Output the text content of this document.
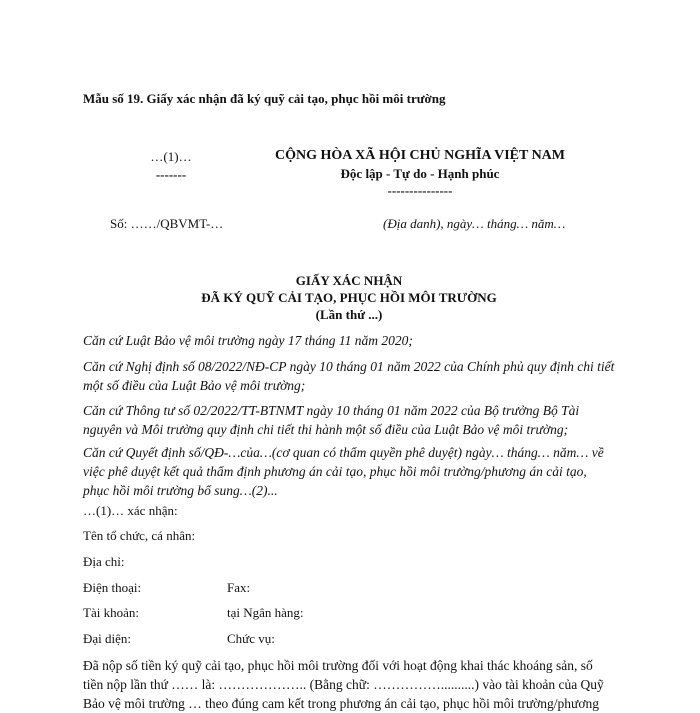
Mẫu số 19. Giấy xác nhận đã ký quỹ cải tạo, phục hồi môi trường
…(1)…
-------
CỘNG HÒA XÃ HỘI CHỦ NGHĨA VIỆT NAM
Độc lập - Tự do - Hạnh phúc
---------------
Số: ……/QBVMT-…	(Địa danh), ngày… tháng… năm…
GIẤY XÁC NHẬN
ĐÃ KÝ QUỸ CẢI TẠO, PHỤC HỒI MÔI TRƯỜNG
(Lần thứ ...)
Căn cứ Luật Bảo vệ môi trường ngày 17 tháng 11 năm 2020;
Căn cứ Nghị định số 08/2022/NĐ-CP ngày 10 tháng 01 năm 2022 của Chính phủ quy định chi tiết một số điều của Luật Bảo vệ môi trường;
Căn cứ Thông tư số 02/2022/TT-BTNMT ngày 10 tháng 01 năm 2022 của Bộ trưởng Bộ Tài nguyên và Môi trường quy định chi tiết thi hành một số điều của Luật Bảo vệ môi trường;
Căn cứ Quyết định số/QĐ-…của…(cơ quan có thẩm quyền phê duyệt) ngày… tháng… năm… về việc phê duyệt kết quả thẩm định phương án cải tạo, phục hồi môi trường/phương án cải tạo, phục hồi môi trường bổ sung…(2)...
…(1)… xác nhận:
Tên tổ chức, cá nhân:
Địa chỉ:
Điện thoại:	Fax:
Tài khoản:	tại Ngân hàng:
Đại diện:	Chức vụ:
Đã nộp số tiền ký quỹ cải tạo, phục hồi môi trường đối với hoạt động khai thác khoáng sản, số tiền nộp lần thứ …… là: ……………….. (Bằng chữ: ……………..........) vào tài khoản của Quỹ Bảo vệ môi trường … theo đúng cam kết trong phương án cải tạo, phục hồi môi trường/phương
